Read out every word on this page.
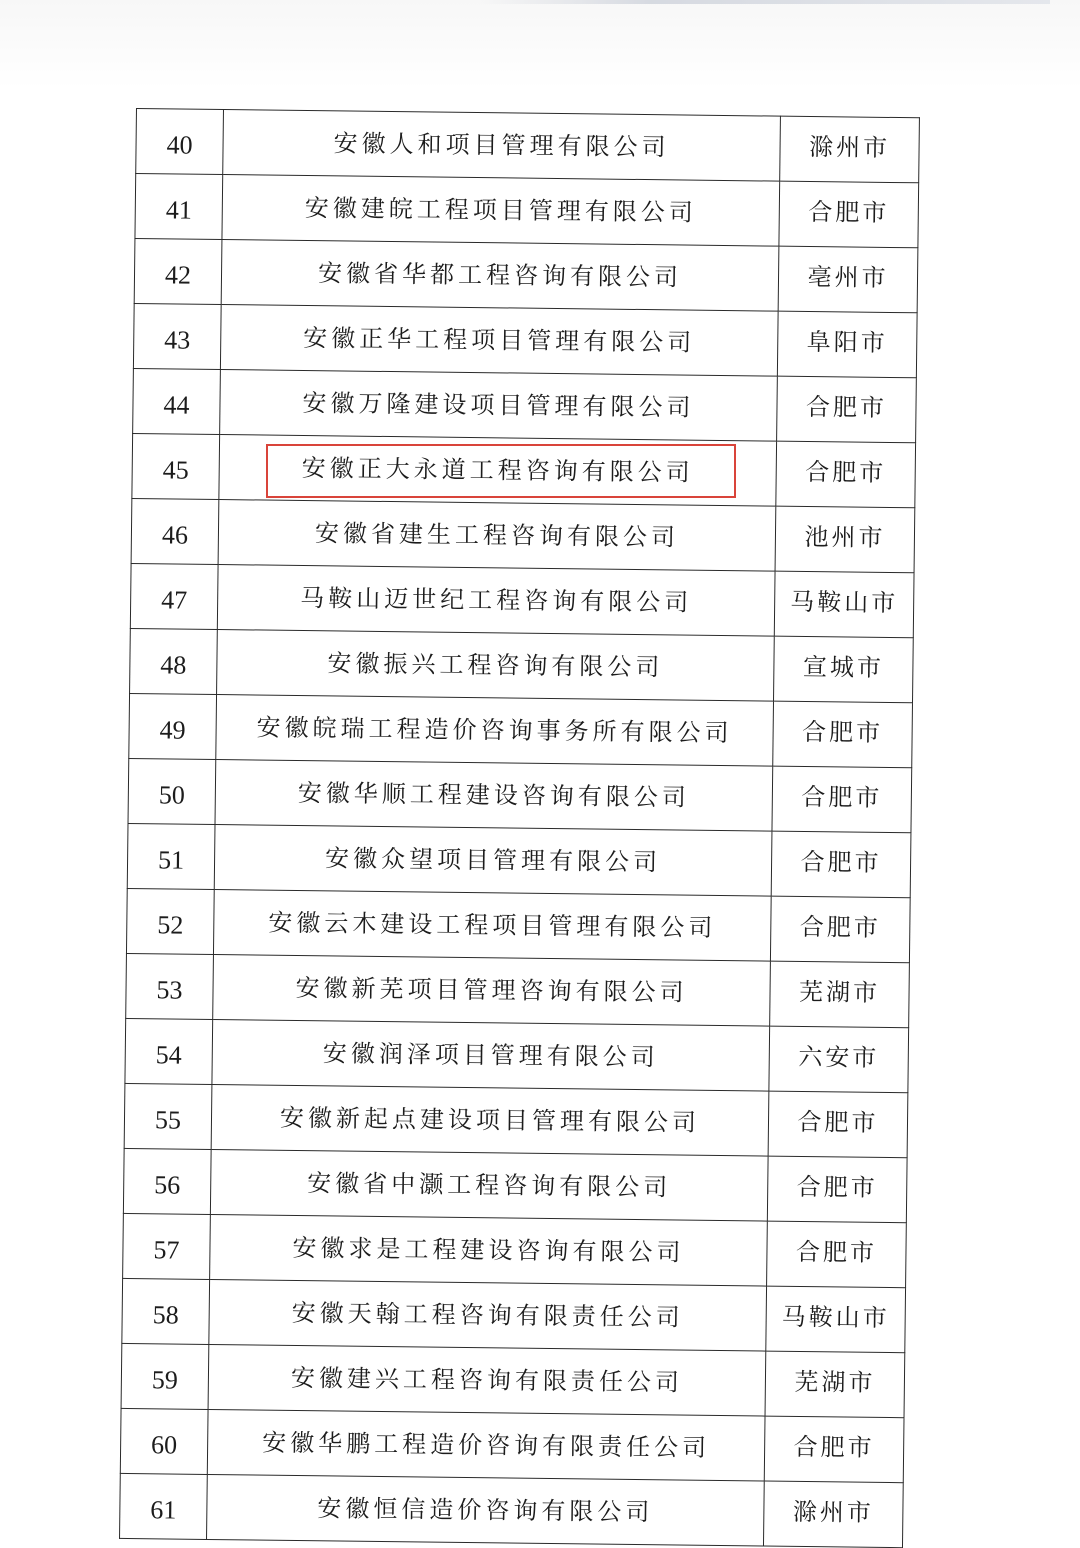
40	安徽人和项目管理有限公司	滁州市
41	安徽建皖工程项目管理有限公司	合肥市
42	安徽省华都工程咨询有限公司	亳州市
43	安徽正华工程项目管理有限公司	阜阳市
44	安徽万隆建设项目管理有限公司	合肥市
45	安徽正大永道工程咨询有限公司	合肥市
46	安徽省建生工程咨询有限公司	池州市
47	马鞍山迈世纪工程咨询有限公司	马鞍山市
48	安徽振兴工程咨询有限公司	宣城市
49	安徽皖瑞工程造价咨询事务所有限公司	合肥市
50	安徽华顺工程建设咨询有限公司	合肥市
51	安徽众望项目管理有限公司	合肥市
52	安徽云木建设工程项目管理有限公司	合肥市
53	安徽新芜项目管理咨询有限公司	芜湖市
54	安徽润泽项目管理有限公司	六安市
55	安徽新起点建设项目管理有限公司	合肥市
56	安徽省中灏工程咨询有限公司	合肥市
57	安徽求是工程建设咨询有限公司	合肥市
58	安徽天翰工程咨询有限责任公司	马鞍山市
59	安徽建兴工程咨询有限责任公司	芜湖市
60	安徽华鹏工程造价咨询有限责任公司	合肥市
61	安徽恒信造价咨询有限公司	滁州市
